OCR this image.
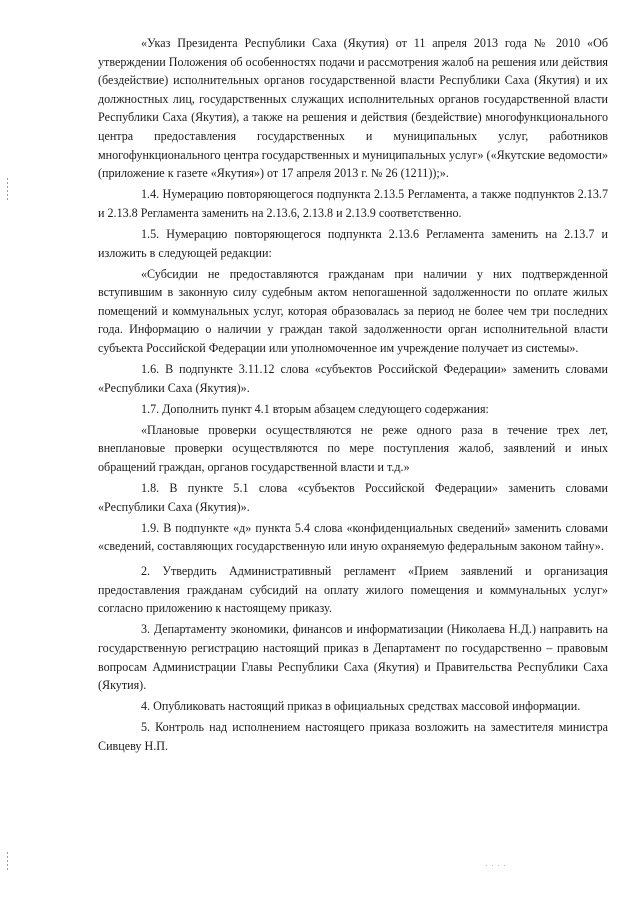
«Указ Президента Республики Саха (Якутия) от 11 апреля 2013 года № 2010 «Об утверждении Положения об особенностях подачи и рассмотрения жалоб на решения или действия (бездействие) исполнительных органов государственной власти Республики Саха (Якутия) и их должностных лиц, государственных служащих исполнительных органов государственной власти Республики Саха (Якутия), а также на решения и действия (бездействие) многофункционального центра предоставления государственных и муниципальных услуг, работников многофункционального центра государственных и муниципальных услуг» («Якутские ведомости» (приложение к газете «Якутия») от 17 апреля 2013 г. № 26 (1211));».

1.4. Нумерацию повторяющегося подпункта 2.13.5 Регламента, а также подпунктов 2.13.7 и 2.13.8 Регламента заменить на 2.13.6, 2.13.8 и 2.13.9 соответственно.

1.5. Нумерацию повторяющегося подпункта 2.13.6 Регламента заменить на 2.13.7 и изложить в следующей редакции:

«Субсидии не предоставляются гражданам при наличии у них подтвержденной вступившим в законную силу судебным актом непогашенной задолженности по оплате жилых помещений и коммунальных услуг, которая образовалась за период не более чем три последних года. Информацию о наличии у граждан такой задолженности орган исполнительной власти субъекта Российской Федерации или уполномоченное им учреждение получает из системы».

1.6. В подпункте 3.11.12 слова «субъектов Российской Федерации» заменить словами «Республики Саха (Якутия)».

1.7. Дополнить пункт 4.1 вторым абзацем следующего содержания:

«Плановые проверки осуществляются не реже одного раза в течение трех лет, внеплановые проверки осуществляются по мере поступления жалоб, заявлений и иных обращений граждан, органов государственной власти и т.д.»

1.8. В пункте 5.1 слова «субъектов Российской Федерации» заменить словами «Республики Саха (Якутия)».

1.9. В подпункте «д» пункта 5.4 слова «конфиденциальных сведений» заменить словами «сведений, составляющих государственную или иную охраняемую федеральным законом тайну».

2. Утвердить Административный регламент «Прием заявлений и организация предоставления гражданам субсидий на оплату жилого помещения и коммунальных услуг» согласно приложению к настоящему приказу.

3. Департаменту экономики, финансов и информатизации (Николаева Н.Д.) направить на государственную регистрацию настоящий приказ в Департамент по государственно – правовым вопросам Администрации Главы Республики Саха (Якутия) и Правительства Республики Саха (Якутия).

4. Опубликовать настоящий приказ в официальных средствах массовой информации.

5. Контроль над исполнением настоящего приказа возложить на заместителя министра Сивцеву Н.П.
